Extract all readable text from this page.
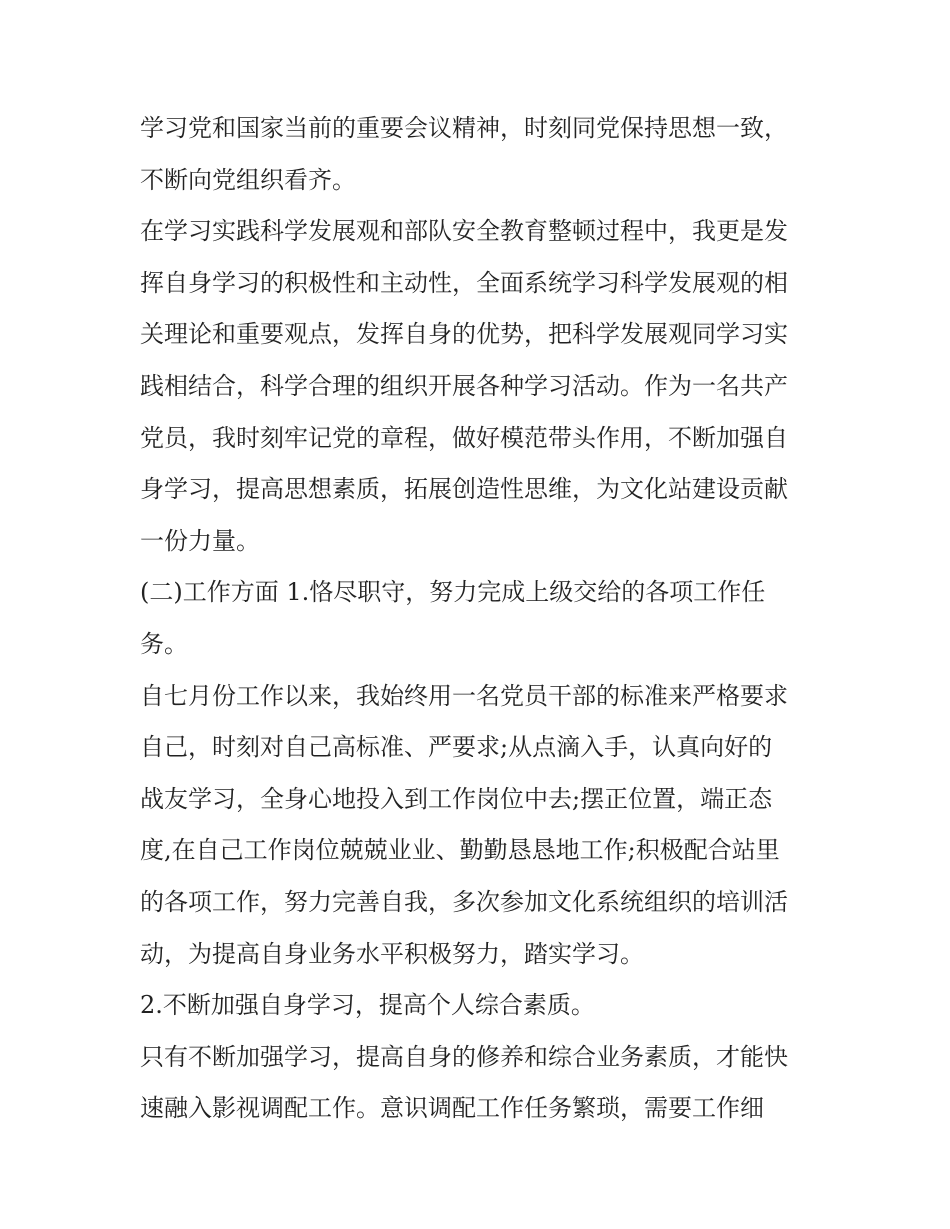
学习党和国家当前的重要会议精神，时刻同党保持思想一致，
不断向党组织看齐。
在学习实践科学发展观和部队安全教育整顿过程中，我更是发
挥自身学习的积极性和主动性，全面系统学习科学发展观的相
关理论和重要观点，发挥自身的优势，把科学发展观同学习实
践相结合，科学合理的组织开展各种学习活动。作为一名共产
党员，我时刻牢记党的章程，做好模范带头作用，不断加强自
身学习，提高思想素质，拓展创造性思维，为文化站建设贡献
一份力量。
(二)工作方面 1.恪尽职守，努力完成上级交给的各项工作任
务。
自七月份工作以来，我始终用一名党员干部的标准来严格要求
自己，时刻对自己高标准、严要求;从点滴入手，认真向好的
战友学习，全身心地投入到工作岗位中去;摆正位置，端正态
度,在自己工作岗位兢兢业业、勤勤恳恳地工作;积极配合站里
的各项工作，努力完善自我，多次参加文化系统组织的培训活
动，为提高自身业务水平积极努力，踏实学习。
2.不断加强自身学习，提高个人综合素质。
只有不断加强学习，提高自身的修养和综合业务素质，才能快
速融入影视调配工作。意识调配工作任务繁琐，需要工作细
